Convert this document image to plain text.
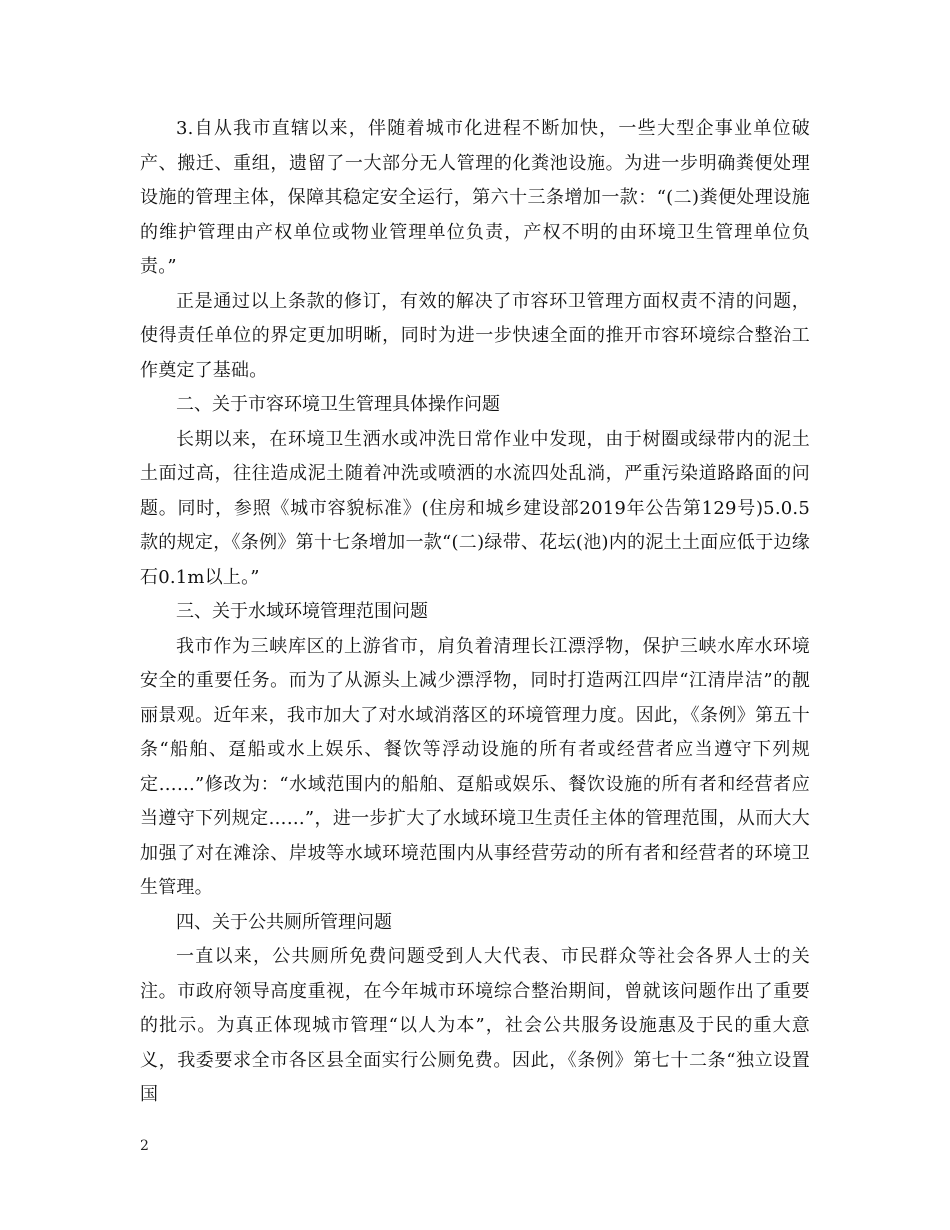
3.自从我市直辖以来，伴随着城市化进程不断加快，一些大型企事业单位破产、搬迁、重组，遗留了一大部分无人管理的化粪池设施。为进一步明确粪便处理设施的管理主体，保障其稳定安全运行，第六十三条增加一款：“(二)粪便处理设施的维护管理由产权单位或物业管理单位负责，产权不明的由环境卫生管理单位负责。”

正是通过以上条款的修订，有效的解决了市容环卫管理方面权责不清的问题，使得责任单位的界定更加明晰，同时为进一步快速全面的推开市容环境综合整治工作奠定了基础。

二、关于市容环境卫生管理具体操作问题

长期以来，在环境卫生洒水或冲洗日常作业中发现，由于树圈或绿带内的泥土土面过高，往往造成泥土随着冲洗或喷洒的水流四处乱淌，严重污染道路路面的问题。同时，参照《城市容貌标准》(住房和城乡建设部2019年公告第129号)5.0.5款的规定，《条例》第十七条增加一款“(二)绿带、花坛(池)内的泥土土面应低于边缘石0.1m以上。”

三、关于水域环境管理范围问题

我市作为三峡库区的上游省市，肩负着清理长江漂浮物，保护三峡水库水环境安全的重要任务。而为了从源头上减少漂浮物，同时打造两江四岸“江清岸洁”的靓丽景观。近年来，我市加大了对水域消落区的环境管理力度。因此，《条例》第五十条“船舶、趸船或水上娱乐、餐饮等浮动设施的所有者或经营者应当遵守下列规定……”修改为：“水域范围内的船舶、趸船或娱乐、餐饮设施的所有者和经营者应当遵守下列规定……”，进一步扩大了水域环境卫生责任主体的管理范围，从而大大加强了对在滩涂、岸坡等水域环境范围内从事经营劳动的所有者和经营者的环境卫生管理。

四、关于公共厕所管理问题

一直以来，公共厕所免费问题受到人大代表、市民群众等社会各界人士的关注。市政府领导高度重视，在今年城市环境综合整治期间，曾就该问题作出了重要的批示。为真正体现城市管理“以人为本”，社会公共服务设施惠及于民的重大意义，我委要求全市各区县全面实行公厕免费。因此，《条例》第七十二条“独立设置国

2
